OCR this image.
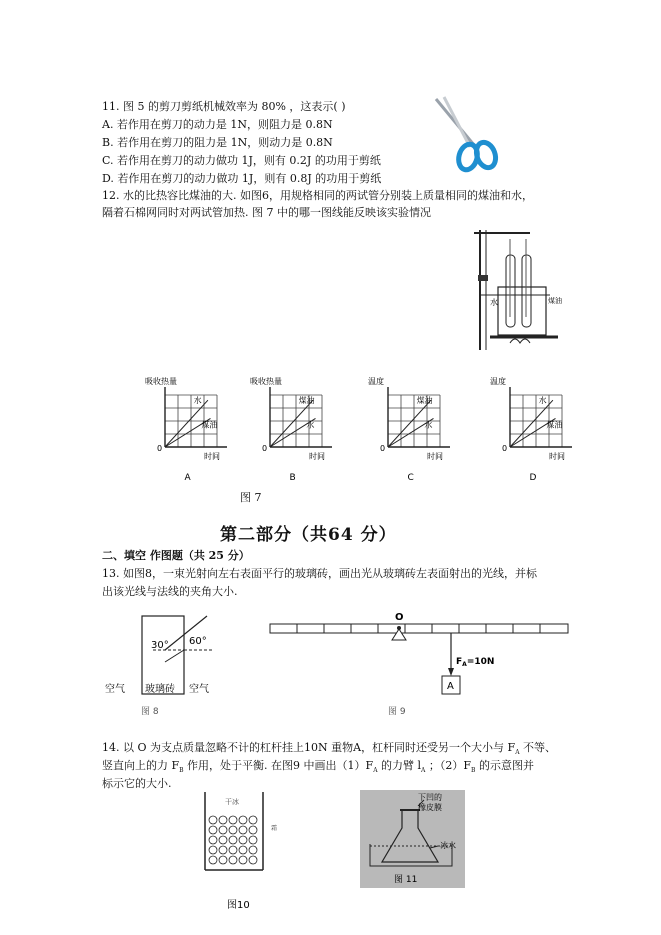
11. 图 5 的剪刀剪纸机械效率为 80% ，这表示( )
A. 若作用在剪刀的动力是 1N，则阻力是 0.8N
B. 若作用在剪刀的阻力是 1N，则动力是 0.8N
C. 若作用在剪刀的动力做功 1J，则有 0.2J 的功用于剪纸
D. 若作用在剪刀的动力做功 1J，则有 0.8J 的功用于剪纸
12. 水的比热容比煤油的大. 如图6，用规格相同的两试管分别装上质量相同的煤油和水，
隔着石棉网同时对两试管加热. 图 7 中的哪一图线能反映该实验情况
水	煤油
吸收热量
时间
0
水
煤油
A
吸收热量
时间
0
煤油
水
B
温度
时间
0
煤油
水
C
温度
时间
0
水
煤油
D
图 7
第二部分（共64 分）
二、填空 作图题（共 25 分）
13. 如图8，一束光射向左右表面平行的玻璃砖，画出光从玻璃砖左表面射出的光线，并标
出该光线与法线的夹角大小.
30° 60°
空气 玻璃砖 空气
图 8
O
$F_A=10N$
A
图 9
14. 以 O 为支点质量忽略不计的杠杆挂上10N 重物A，杠杆同时还受另一个大小与 $F_A$ 不等、
竖直向上的力 $F_B$ 作用，处于平衡. 在图9 中画出$(1)F_A$ 的力臂 $l_A$ ；$(2)F_B$ 的示意图并
标示它的大小.
干冰
霜
图10
下凹的
橡皮膜
冰水
图 11
